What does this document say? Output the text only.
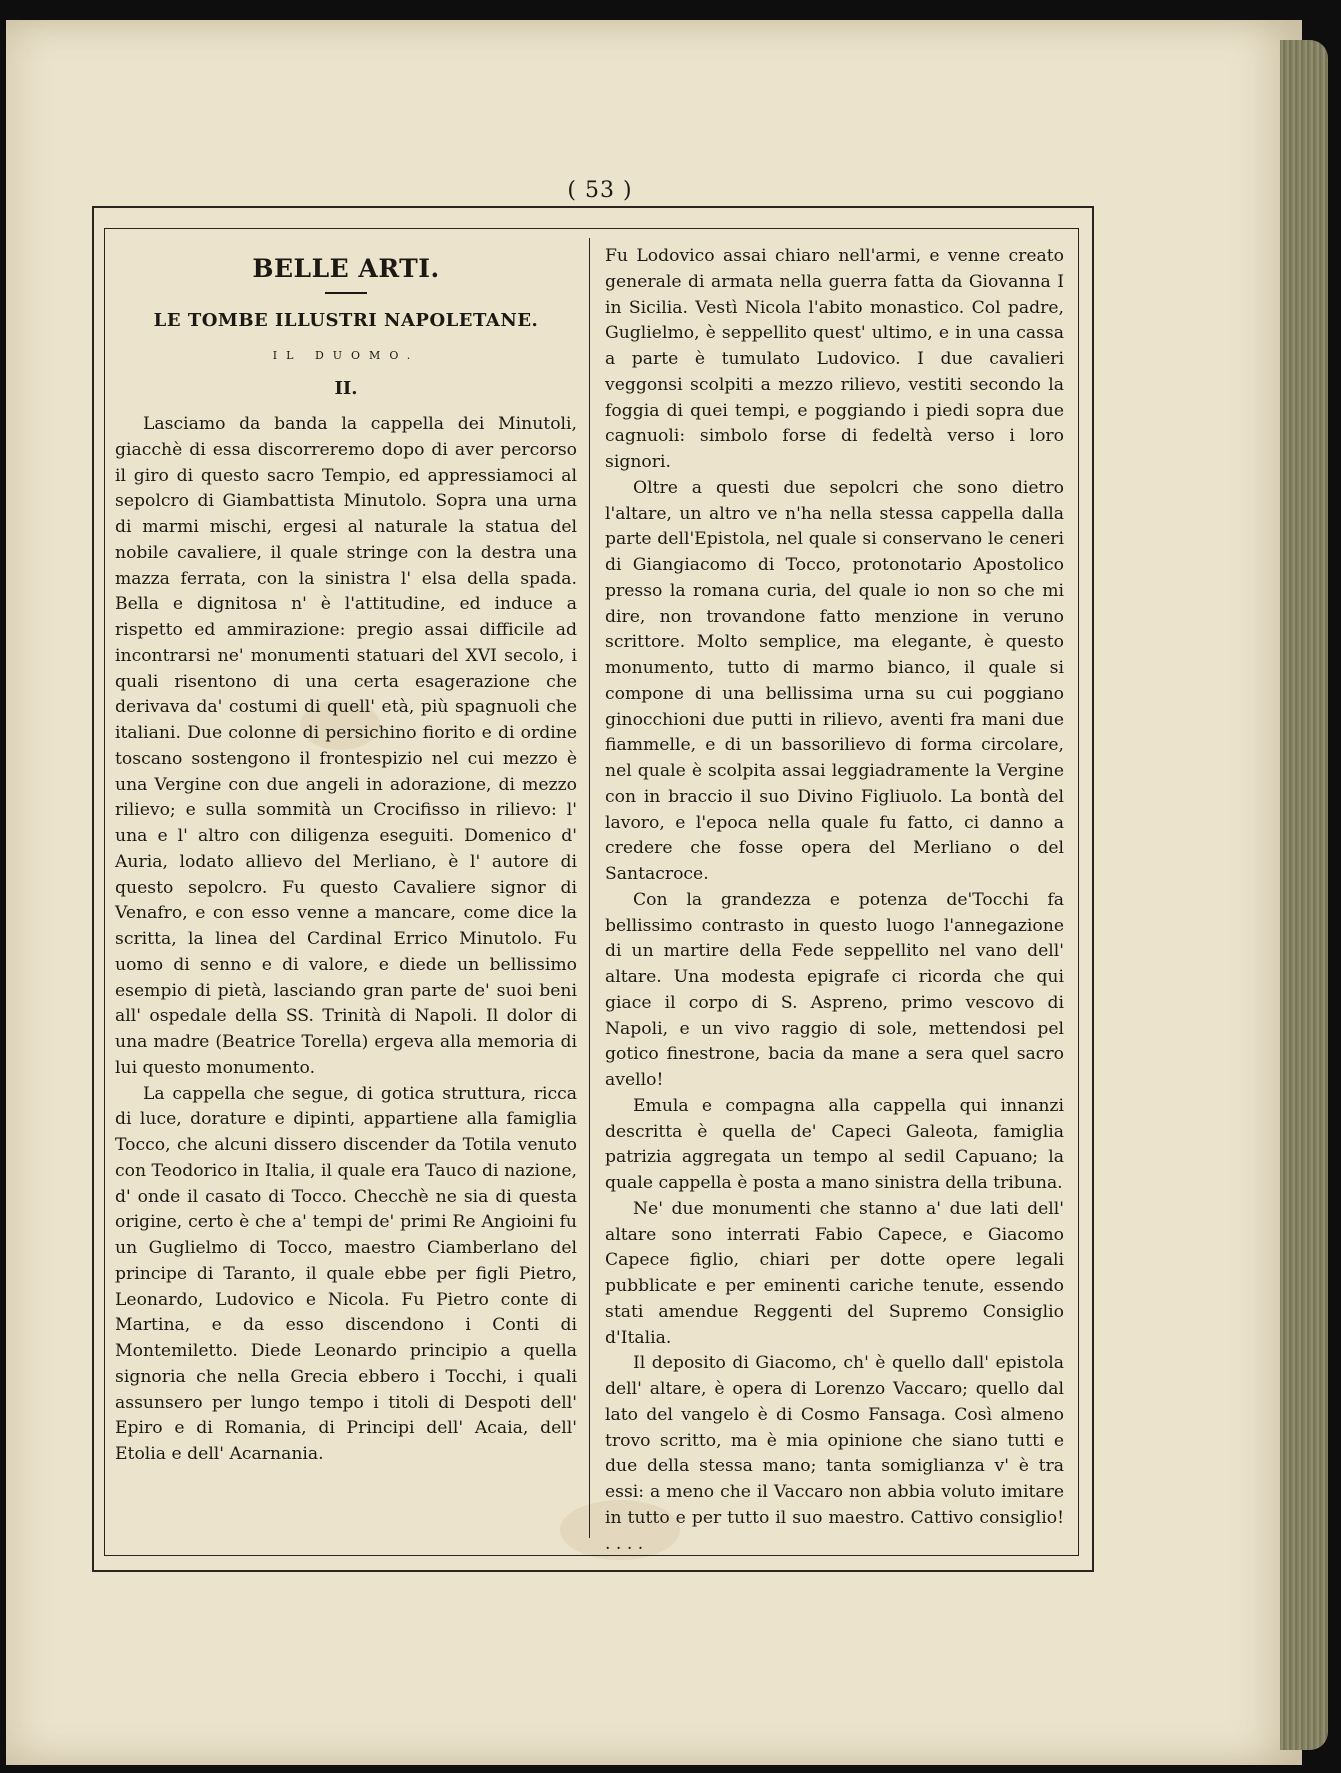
( 53 )
BELLE ARTI.
LE TOMBE ILLUSTRI NAPOLETANE.
IL DUOMO.
II.

Lasciamo da banda la cappella dei Minutoli, giacchè di essa discorreremo dopo di aver percorso il giro di questo sacro Tempio, ed appressiamoci al sepolcro di Giambattista Minutolo. Sopra una urna di marmi mischi, ergesi al naturale la statua del nobile cavaliere, il quale stringe con la destra una mazza ferrata, con la sinistra l' elsa della spada. Bella e dignitosa n' è l'attitudine, ed induce a rispetto ed ammirazione: pregio assai difficile ad incontrarsi ne' monumenti statuari del XVI secolo, i quali risentono di una certa esagerazione che derivava da' costumi di quell' età, più spagnuoli che italiani. Due colonne di persichino fiorito e di ordine toscano sostengono il frontespizio nel cui mezzo è una Vergine con due angeli in adorazione, di mezzo rilievo; e sulla sommità un Crocifisso in rilievo: l' una e l' altro con diligenza eseguiti. Domenico d' Auria, lodato allievo del Merliano, è l' autore di questo sepolcro. Fu questo Cavaliere signor di Venafro, e con esso venne a mancare, come dice la scritta, la linea del Cardinal Errico Minutolo. Fu uomo di senno e di valore, e diede un bellissimo esempio di pietà, lasciando gran parte de' suoi beni all' ospedale della SS. Trinità di Napoli. Il dolor di una madre (Beatrice Torella) ergeva alla memoria di lui questo monumento.

La cappella che segue, di gotica struttura, ricca di luce, dorature e dipinti, appartiene alla famiglia Tocco, che alcuni dissero discender da Totila venuto con Teodorico in Italia, il quale era Tauco di nazione, d' onde il casato di Tocco. Checchè ne sia di questa origine, certo è che a' tempi de' primi Re Angioini fu un Guglielmo di Tocco, maestro Ciamberlano del principe di Taranto, il quale ebbe per figli Pietro, Leonardo, Ludovico e Nicola. Fu Pietro conte di Martina, e da esso discendono i Conti di Montemiletto. Diede Leonardo principio a quella signoria che nella Grecia ebbero i Tocchi, i quali assunsero per lungo tempo i titoli di Despoti dell' Epiro e di Romania, di Principi dell' Acaia, dell' Etolia e dell' Acarnania.

Fu Lodovico assai chiaro nell'armi, e venne creato generale di armata nella guerra fatta da Giovanna I in Sicilia. Vestì Nicola l'abito monastico. Col padre, Guglielmo, è seppellito quest' ultimo, e in una cassa a parte è tumulato Ludovico. I due cavalieri veggonsi scolpiti a mezzo rilievo, vestiti secondo la foggia di quei tempi, e poggiando i piedi sopra due cagnuoli: simbolo forse di fedeltà verso i loro signori.

Oltre a questi due sepolcri che sono dietro l'altare, un altro ve n'ha nella stessa cappella dalla parte dell'Epistola, nel quale si conservano le ceneri di Giangiacomo di Tocco, protonotario Apostolico presso la romana curia, del quale io non so che mi dire, non trovandone fatto menzione in veruno scrittore. Molto semplice, ma elegante, è questo monumento, tutto di marmo bianco, il quale si compone di una bellissima urna su cui poggiano ginocchioni due putti in rilievo, aventi fra mani due fiammelle, e di un bassorilievo di forma circolare, nel quale è scolpita assai leggiadramente la Vergine con in braccio il suo Divino Figliuolo. La bontà del lavoro, e l'epoca nella quale fu fatto, ci danno a credere che fosse opera del Merliano o del Santacroce.

Con la grandezza e potenza de'Tocchi fa bellissimo contrasto in questo luogo l'annegazione di un martire della Fede seppellito nel vano dell' altare. Una modesta epigrafe ci ricorda che qui giace il corpo di S. Aspreno, primo vescovo di Napoli, e un vivo raggio di sole, mettendosi pel gotico finestrone, bacia da mane a sera quel sacro avello!

Emula e compagna alla cappella qui innanzi descritta è quella de' Capeci Galeota, famiglia patrizia aggregata un tempo al sedil Capuano; la quale cappella è posta a mano sinistra della tribuna.

Ne' due monumenti che stanno a' due lati dell' altare sono interrati Fabio Capece, e Giacomo Capece figlio, chiari per dotte opere legali pubblicate e per eminenti cariche tenute, essendo stati amendue Reggenti del Supremo Consiglio d'Italia.

Il deposito di Giacomo, ch' è quello dall' epistola dell' altare, è opera di Lorenzo Vaccaro; quello dal lato del vangelo è di Cosmo Fansaga. Così almeno trovo scritto, ma è mia opinione che siano tutti e due della stessa mano; tanta somiglianza v' è tra essi: a meno che il Vaccaro non abbia voluto imitare in tutto e per tutto il suo maestro. Cattivo consiglio! . . . .
